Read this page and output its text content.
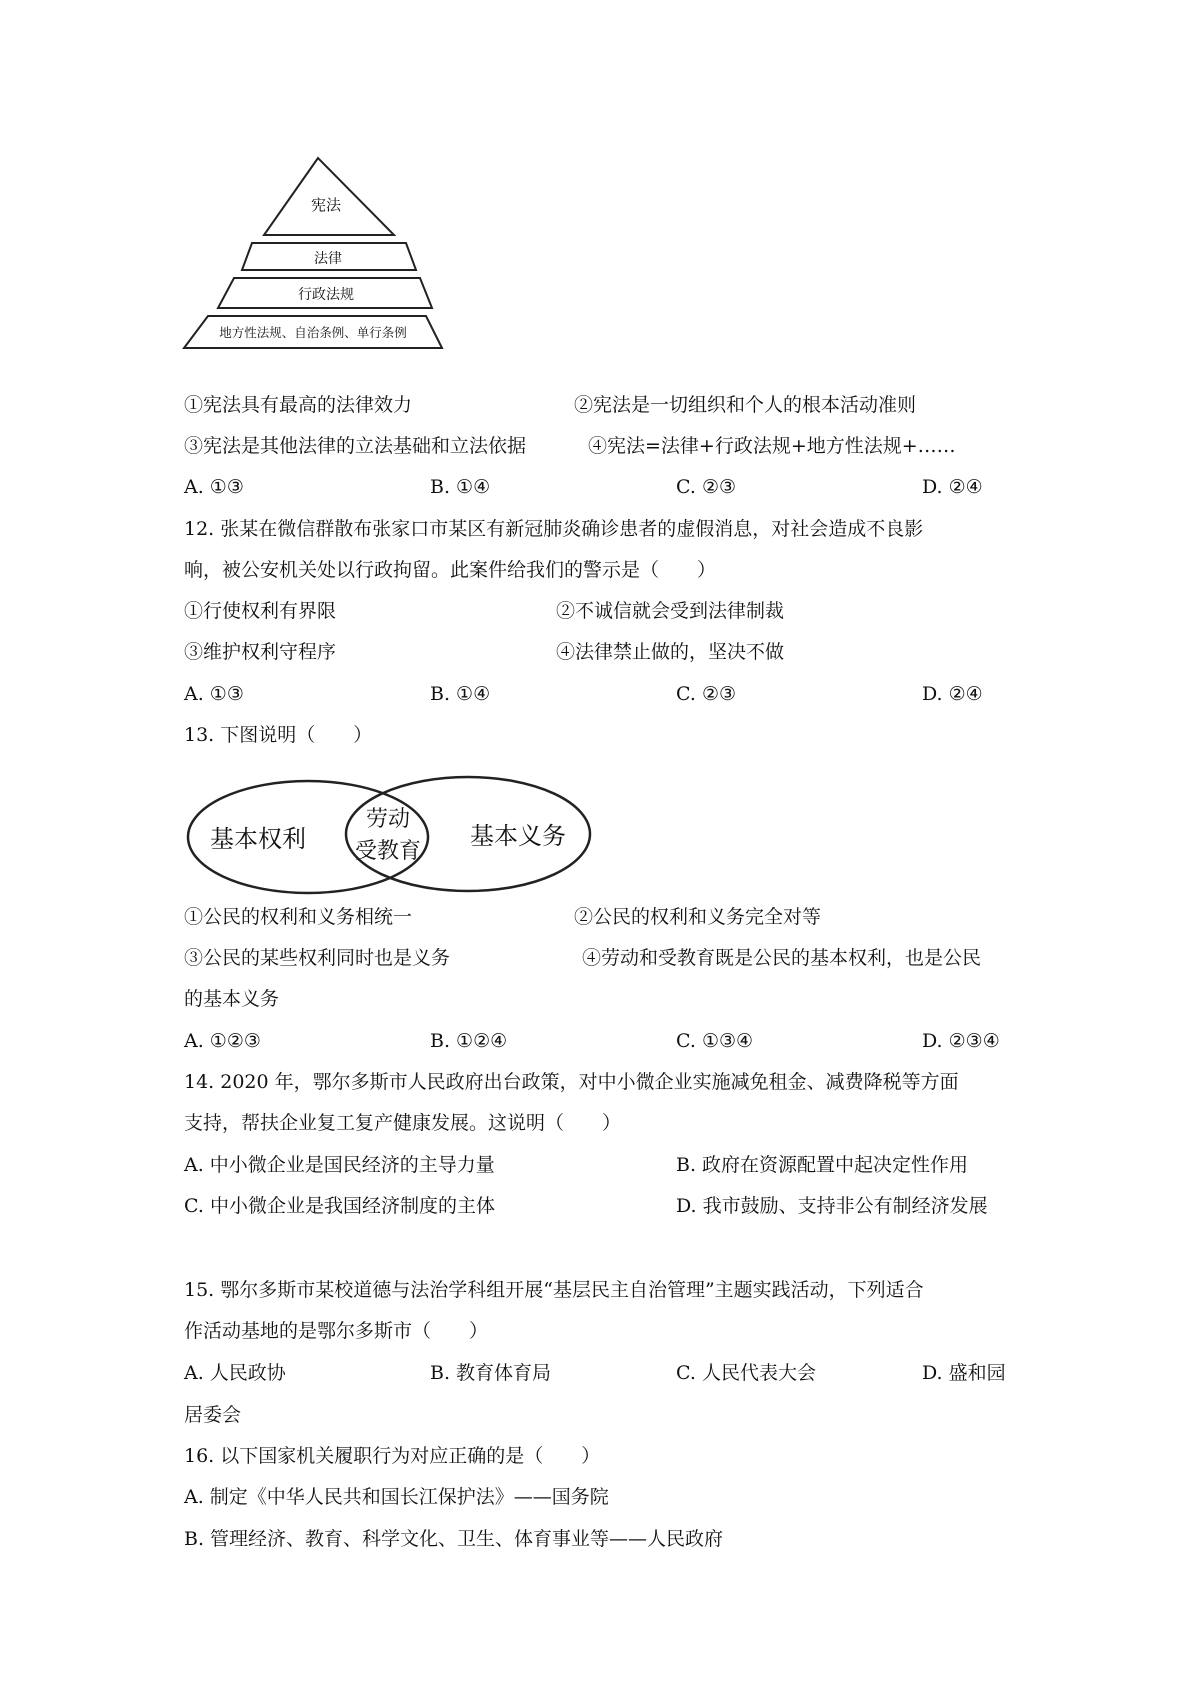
宪法
法律
行政法规
地方性法规、自治条例、单行条例
①宪法具有最高的法律效力	②宪法是一切组织和个人的根本活动准则
③宪法是其他法律的立法基础和立法依据	④宪法=法律+行政法规+地方性法规+……
A. ①③	B. ①④	C. ②③	D. ②④
12. 张某在微信群散布张家口市某区有新冠肺炎确诊患者的虚假消息，对社会造成不良影
响，被公安机关处以行政拘留。此案件给我们的警示是（　　）
①行使权利有界限	②不诚信就会受到法律制裁
③维护权利守程序	④法律禁止做的，坚决不做
A. ①③	B. ①④	C. ②③	D. ②④
13. 下图说明（　　）
基本权利
劳动
受教育
基本义务
①公民的权利和义务相统一	②公民的权利和义务完全对等
③公民的某些权利同时也是义务	④劳动和受教育既是公民的基本权利，也是公民
的基本义务
A. ①②③	B. ①②④	C. ①③④	D. ②③④
14. 2020 年，鄂尔多斯市人民政府出台政策，对中小微企业实施减免租金、减费降税等方面
支持，帮扶企业复工复产健康发展。这说明（　　）
A. 中小微企业是国民经济的主导力量	B. 政府在资源配置中起决定性作用
C. 中小微企业是我国经济制度的主体	D. 我市鼓励、支持非公有制经济发展
15. 鄂尔多斯市某校道德与法治学科组开展“基层民主自治管理”主题实践活动，下列适合
作活动基地的是鄂尔多斯市（　　）
A. 人民政协	B. 教育体育局	C. 人民代表大会	D. 盛和园
居委会
16. 以下国家机关履职行为对应正确的是（　　）
A. 制定《中华人民共和国长江保护法》——国务院
B. 管理经济、教育、科学文化、卫生、体育事业等——人民政府
